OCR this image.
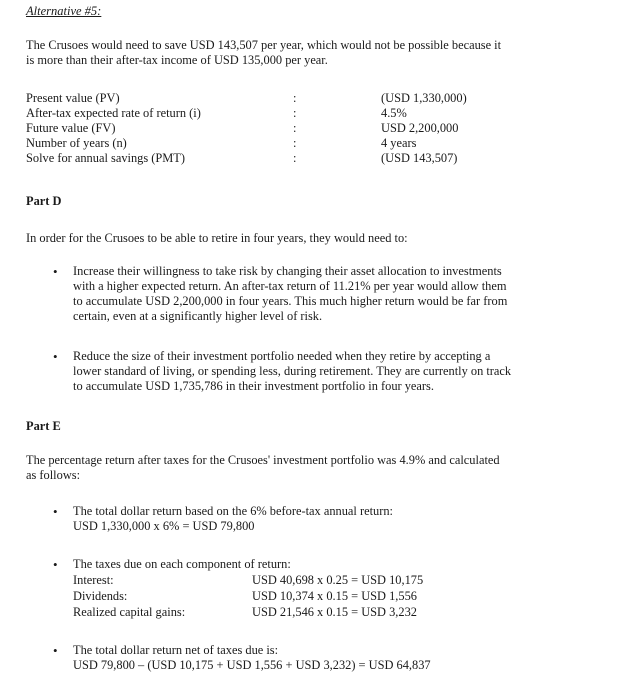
Alternative #5:
The Crusoes would need to save USD 143,507 per year, which would not be possible because it
is more than their after-tax income of USD 135,000 per year.
Present value (PV)	:	(USD 1,330,000)
After-tax expected rate of return (i)	:	4.5%
Future value (FV)	:	USD 2,200,000
Number of years (n)	:	4 years
Solve for annual savings (PMT)	:	(USD 143,507)
Part D
In order for the Crusoes to be able to retire in four years, they would need to:
• Increase their willingness to take risk by changing their asset allocation to investments
with a higher expected return. An after-tax return of 11.21% per year would allow them
to accumulate USD 2,200,000 in four years. This much higher return would be far from
certain, even at a significantly higher level of risk.
• Reduce the size of their investment portfolio needed when they retire by accepting a
lower standard of living, or spending less, during retirement. They are currently on track
to accumulate USD 1,735,786 in their investment portfolio in four years.
Part E
The percentage return after taxes for the Crusoes' investment portfolio was 4.9% and calculated
as follows:
• The total dollar return based on the 6% before-tax annual return:
USD 1,330,000 x 6% = USD 79,800
• The taxes due on each component of return:
Interest:	USD 40,698 x 0.25 = USD 10,175
Dividends:	USD 10,374 x 0.15 = USD 1,556
Realized capital gains:	USD 21,546 x 0.15 = USD 3,232
• The total dollar return net of taxes due is:
USD 79,800 – (USD 10,175 + USD 1,556 + USD 3,232) = USD 64,837
